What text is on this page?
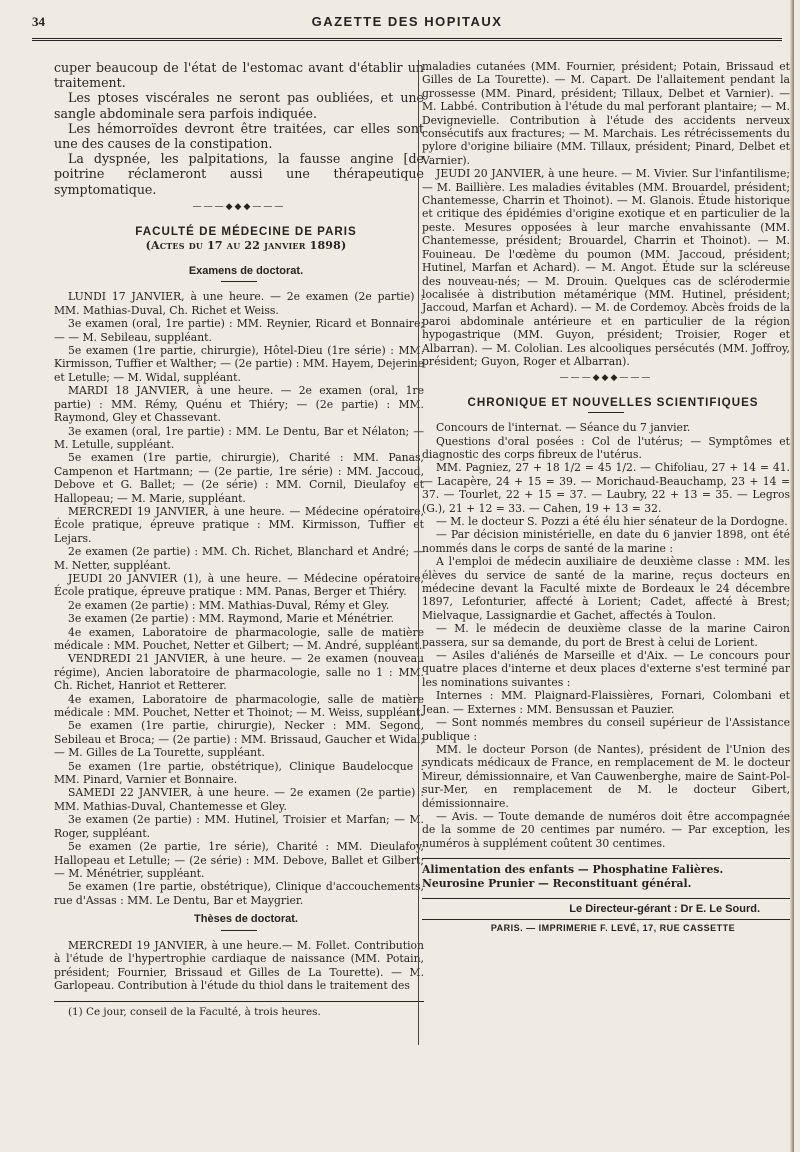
34	GAZETTE DES HOPITAUX

cuper beaucoup de l'état de l'estomac avant d'établir un traitement.

Les ptoses viscérales ne seront pas oubliées, et une sangle abdominale sera parfois indiquée.

Les hémorroïdes devront être traitées, car elles sont une des causes de la constipation.

La dyspnée, les palpitations, la fausse angine [de poitrine réclameront aussi une thérapeutique symptomatique.

———◆◆◆———

FACULTÉ DE MÉDECINE DE PARIS

(Actes du 17 au 22 janvier 1898)

Examens de doctorat.

LUNDI 17 JANVIER, à une heure. — 2e examen (2e partie) : MM. Mathias-Duval, Ch. Richet et Weiss.

3e examen (oral, 1re partie) : MM. Reynier, Ricard et Bonnaire; — — M. Sebileau, suppléant.

5e examen (1re partie, chirurgie), Hôtel-Dieu (1re série) : MM. Kirmisson, Tuffier et Walther; — (2e partie) : MM. Hayem, Dejerine et Letulle; — M. Widal, suppléant.

MARDI 18 JANVIER, à une heure. — 2e examen (oral, 1re partie) : MM. Rémy, Quénu et Thiéry; — (2e partie) : MM. Raymond, Gley et Chassevant.

3e examen (oral, 1re partie) : MM. Le Dentu, Bar et Nélaton; — M. Letulle, suppléant.

5e examen (1re partie, chirurgie), Charité : MM. Panas, Campenon et Hartmann; — (2e partie, 1re série) : MM. Jaccoud, Debove et G. Ballet; — (2e série) : MM. Cornil, Dieulafoy et Hallopeau; — M. Marie, suppléant.

MERCREDI 19 JANVIER, à une heure. — Médecine opératoire, École pratique, épreuve pratique : MM. Kirmisson, Tuffier et Lejars.

2e examen (2e partie) : MM. Ch. Richet, Blanchard et André; — M. Netter, suppléant.

JEUDI 20 JANVIER (1), à une heure. — Médecine opératoire, École pratique, épreuve pratique : MM. Panas, Berger et Thiéry.

2e examen (2e partie) : MM. Mathias-Duval, Rémy et Gley.

3e examen (2e partie) : MM. Raymond, Marie et Ménétrier.

4e examen, Laboratoire de pharmacologie, salle de matière médicale : MM. Pouchet, Netter et Gilbert; — M. André, suppléant.

VENDREDI 21 JANVIER, à une heure. — 2e examen (nouveau régime), Ancien laboratoire de pharmacologie, salle no 1 : MM. Ch. Richet, Hanriot et Retterer.

4e examen, Laboratoire de pharmacologie, salle de matière médicale : MM. Pouchet, Netter et Thoinot; — M. Weiss, suppléant.

5e examen (1re partie, chirurgie), Necker : MM. Segond, Sebileau et Broca; — (2e partie) : MM. Brissaud, Gaucher et Widal; — M. Gilles de La Tourette, suppléant.

5e examen (1re partie, obstétrique), Clinique Baudelocque : MM. Pinard, Varnier et Bonnaire.

SAMEDI 22 JANVIER, à une heure. — 2e examen (2e partie) : MM. Mathias-Duval, Chantemesse et Gley.

3e examen (2e partie) : MM. Hutinel, Troisier et Marfan; — M. Roger, suppléant.

5e examen (2e partie, 1re série), Charité : MM. Dieulafoy, Hallopeau et Letulle; — (2e série) : MM. Debove, Ballet et Gilbert; — M. Ménétrier, suppléant.

5e examen (1re partie, obstétrique), Clinique d'accouchements, rue d'Assas : MM. Le Dentu, Bar et Maygrier.

Thèses de doctorat.

MERCREDI 19 JANVIER, à une heure.— M. Follet. Contribution à l'étude de l'hypertrophie cardiaque de naissance (MM. Potain, président; Fournier, Brissaud et Gilles de La Tourette). — M. Garlopeau. Contribution à l'étude du thiol dans le traitement des

(1) Ce jour, conseil de la Faculté, à trois heures.

maladies cutanées (MM. Fournier, président; Potain, Brissaud et Gilles de La Tourette). — M. Capart. De l'allaitement pendant la grossesse (MM. Pinard, président; Tillaux, Delbet et Varnier). — M. Labbé. Contribution à l'étude du mal perforant plantaire; — M. Devignevielle. Contribution à l'étude des accidents nerveux consécutifs aux fractures; — M. Marchais. Les rétrécissements du pylore d'origine biliaire (MM. Tillaux, président; Pinard, Delbet et Varnier).

JEUDI 20 JANVIER, à une heure. — M. Vivier. Sur l'infantilisme; — M. Baillière. Les maladies évitables (MM. Brouardel, président; Chantemesse, Charrin et Thoinot). — M. Glanois. Étude historique et critique des épidémies d'origine exotique et en particulier de la peste. Mesures opposées à leur marche envahissante (MM. Chantemesse, président; Brouardel, Charrin et Thoinot). — M. Fouineau. De l'œdème du poumon (MM. Jaccoud, président; Hutinel, Marfan et Achard). — M. Angot. Étude sur la scléreuse des nouveau-nés; — M. Drouin. Quelques cas de sclérodermie localisée à distribution métamérique (MM. Hutinel, président; Jaccoud, Marfan et Achard). — M. de Cordemoy. Abcès froids de la paroi abdominale antérieure et en particulier de la région hypogastrique (MM. Guyon, président; Troisier, Roger et Albarran). — M. Cololian. Les alcooliques persécutés (MM. Joffroy, président; Guyon, Roger et Albarran).

———◆◆◆———

CHRONIQUE ET NOUVELLES SCIENTIFIQUES

Concours de l'internat. — Séance du 7 janvier.

Questions d'oral posées : Col de l'utérus; — Symptômes et diagnostic des corps fibreux de l'utérus.

MM. Pagniez, 27 + 18 1/2 = 45 1/2. — Chifoliau, 27 + 14 = 41. — Lacapère, 24 + 15 = 39. — Morichaud-Beauchamp, 23 + 14 = 37. — Tourlet, 22 + 15 = 37. — Laubry, 22 + 13 = 35. — Legros (G.), 21 + 12 = 33. — Cahen, 19 + 13 = 32.

— M. le docteur S. Pozzi a été élu hier sénateur de la Dordogne.

— Par décision ministérielle, en date du 6 janvier 1898, ont été nommés dans le corps de santé de la marine :

A l'emploi de médecin auxiliaire de deuxième classe : MM. les élèves du service de santé de la marine, reçus docteurs en médecine devant la Faculté mixte de Bordeaux le 24 décembre 1897, Lefonturier, affecté à Lorient; Cadet, affecté à Brest; Mielvaque, Lassignardie et Gachet, affectés à Toulon.

— M. le médecin de deuxième classe de la marine Cairon passera, sur sa demande, du port de Brest à celui de Lorient.

— Asiles d'aliénés de Marseille et d'Aix. — Le concours pour quatre places d'interne et deux places d'externe s'est terminé par les nominations suivantes :

Internes : MM. Plaignard-Flaissières, Fornari, Colombani et Jean. — Externes : MM. Bensussan et Pauzier.

— Sont nommés membres du conseil supérieur de l'Assistance publique :

MM. le docteur Porson (de Nantes), président de l'Union des syndicats médicaux de France, en remplacement de M. le docteur Mireur, démissionnaire, et Van Cauwenberghe, maire de Saint-Pol-sur-Mer, en remplacement de M. le docteur Gibert, démissionnaire.

— Avis. — Toute demande de numéros doit être accompagnée de la somme de 20 centimes par numéro. — Par exception, les numéros à supplément coûtent 30 centimes.

Alimentation des enfants — Phosphatine Falières.

Neurosine Prunier — Reconstituant général.

Le Directeur-gérant : Dr E. Le Sourd.

PARIS. — IMPRIMERIE F. LEVÉ, 17, RUE CASSETTE
